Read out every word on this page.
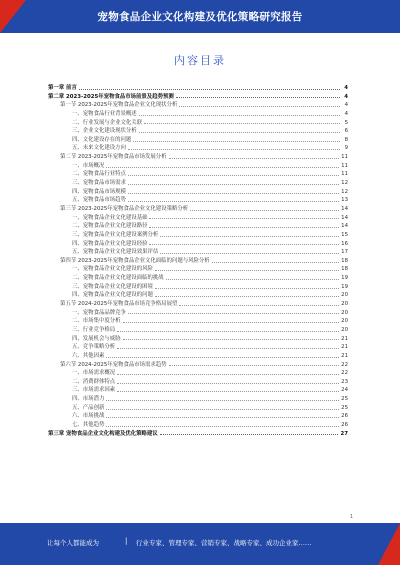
宠物食品企业文化构建及优化策略研究报告
内容目录
第一章 前言	4
第二章 2023-2025年宠物食品市场前景及趋势预测	4
第一节 2023-2025年宠物食品企业文化现状分析	4
一、宠物食品行业背景概述	4
二、行业发展与企业文化关联	5
三、企业文化建设现状分析	6
四、文化建设存在的问题	8
五、未来文化建设方向	9
第二节 2023-2025年宠物食品市场发展分析	11
一、市场概况	11
二、宠物食品行业特点	11
三、宠物食品市场需求	12
四、宠物食品市场规模	12
五、宠物食品市场趋势	13
第三节 2023-2025年宠物食品企业文化建设策略分析	14
一、宠物食品企业文化建设基础	14
二、宠物食品企业文化建设路径	14
三、宠物食品企业文化建设案例分析	15
四、宠物食品企业文化建设经验	16
五、宠物食品企业文化建设效果评估	17
第四节 2023-2025年宠物食品企业文化面临的问题与风险分析	18
一、宠物食品企业文化建设的风险	18
二、宠物食品企业文化建设面临的挑战	19
三、宠物食品企业文化建设的困境	19
四、宠物食品企业文化建设的问题	20
第五节 2024-2025年宠物食品市场竞争格局展望	20
一、宠物食品品牌竞争	20
二、市场集中度分析	20
三、行业竞争格局	20
四、发展机会与威胁	21
五、竞争策略分析	21
六、其他因素	21
第六节 2024-2025年宠物食品市场需求趋势	22
一、市场需求概况	22
二、消费群体特点	23
三、市场需求因素	24
四、市场潜力	25
五、产品创新	25
六、市场挑战	26
七、其他趋势	26
第三章 宠物食品企业文化构建及优化策略建议	27
1
让每个人都能成为	| 行业专家、管理专家、营销专家、战略专家、成功企业家……
